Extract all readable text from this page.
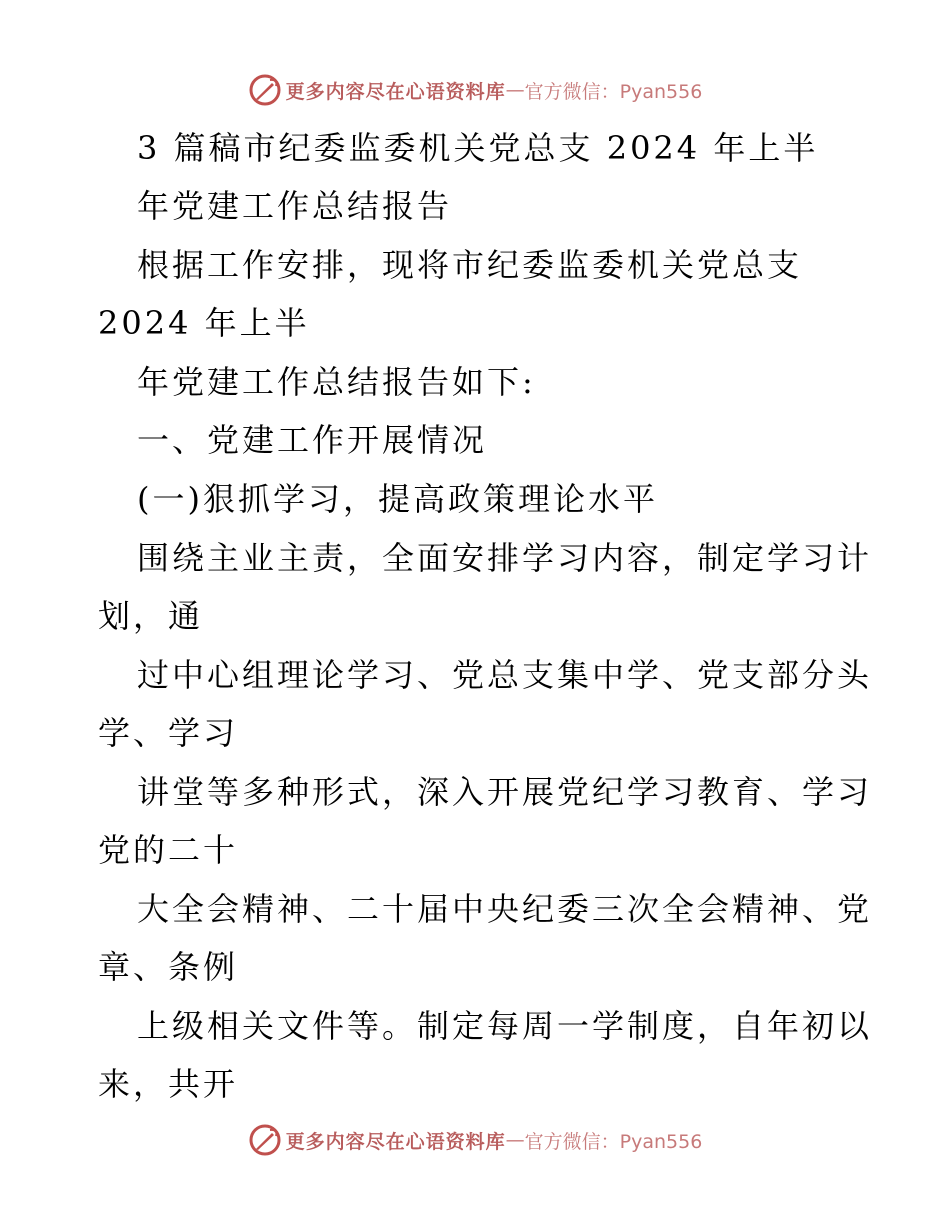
更多内容尽在心语资料库 — 官方微信：Pyan556
3 篇稿市纪委监委机关党总支 2024 年上半
年党建工作总结报告
根据工作安排，现将市纪委监委机关党总支
2024 年上半
年党建工作总结报告如下:
一、党建工作开展情况
(一)狠抓学习，提高政策理论水平
围绕主业主责，全面安排学习内容，制定学习计
划，通
过中心组理论学习、党总支集中学、党支部分头
学、学习
讲堂等多种形式，深入开展党纪学习教育、学习
党的二十
大全会精神、二十届中央纪委三次全会精神、党
章、条例
上级相关文件等。制定每周一学制度，自年初以
来，共开
更多内容尽在心语资料库 — 官方微信：Pyan556
